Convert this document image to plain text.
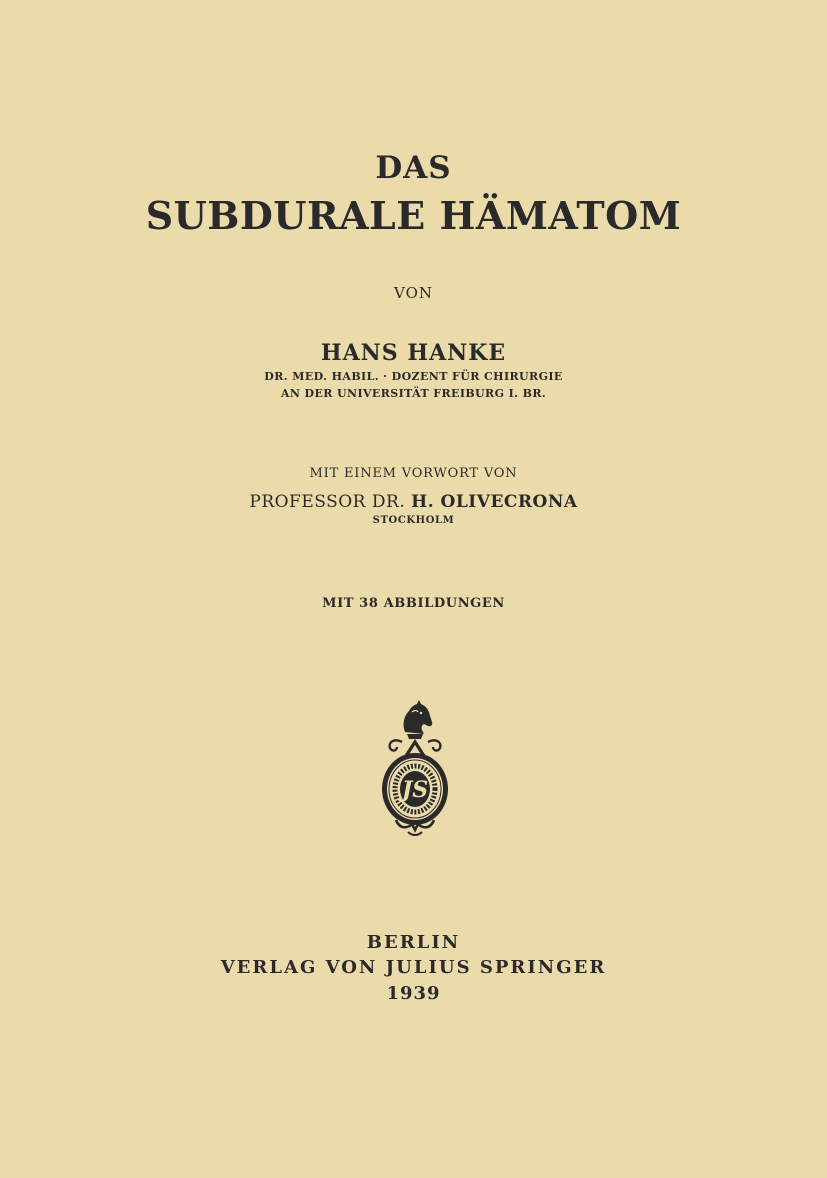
DAS
SUBDURALE HÄMATOM
VON
HANS HANKE
DR. MED. HABIL. · DOZENT FÜR CHIRURGIE
AN DER UNIVERSITÄT FREIBURG I. BR.
MIT EINEM VORWORT VON
PROFESSOR DR. H. OLIVECRONA
STOCKHOLM
MIT 38 ABBILDUNGEN
JS
BERLIN
VERLAG VON JULIUS SPRINGER
1939
